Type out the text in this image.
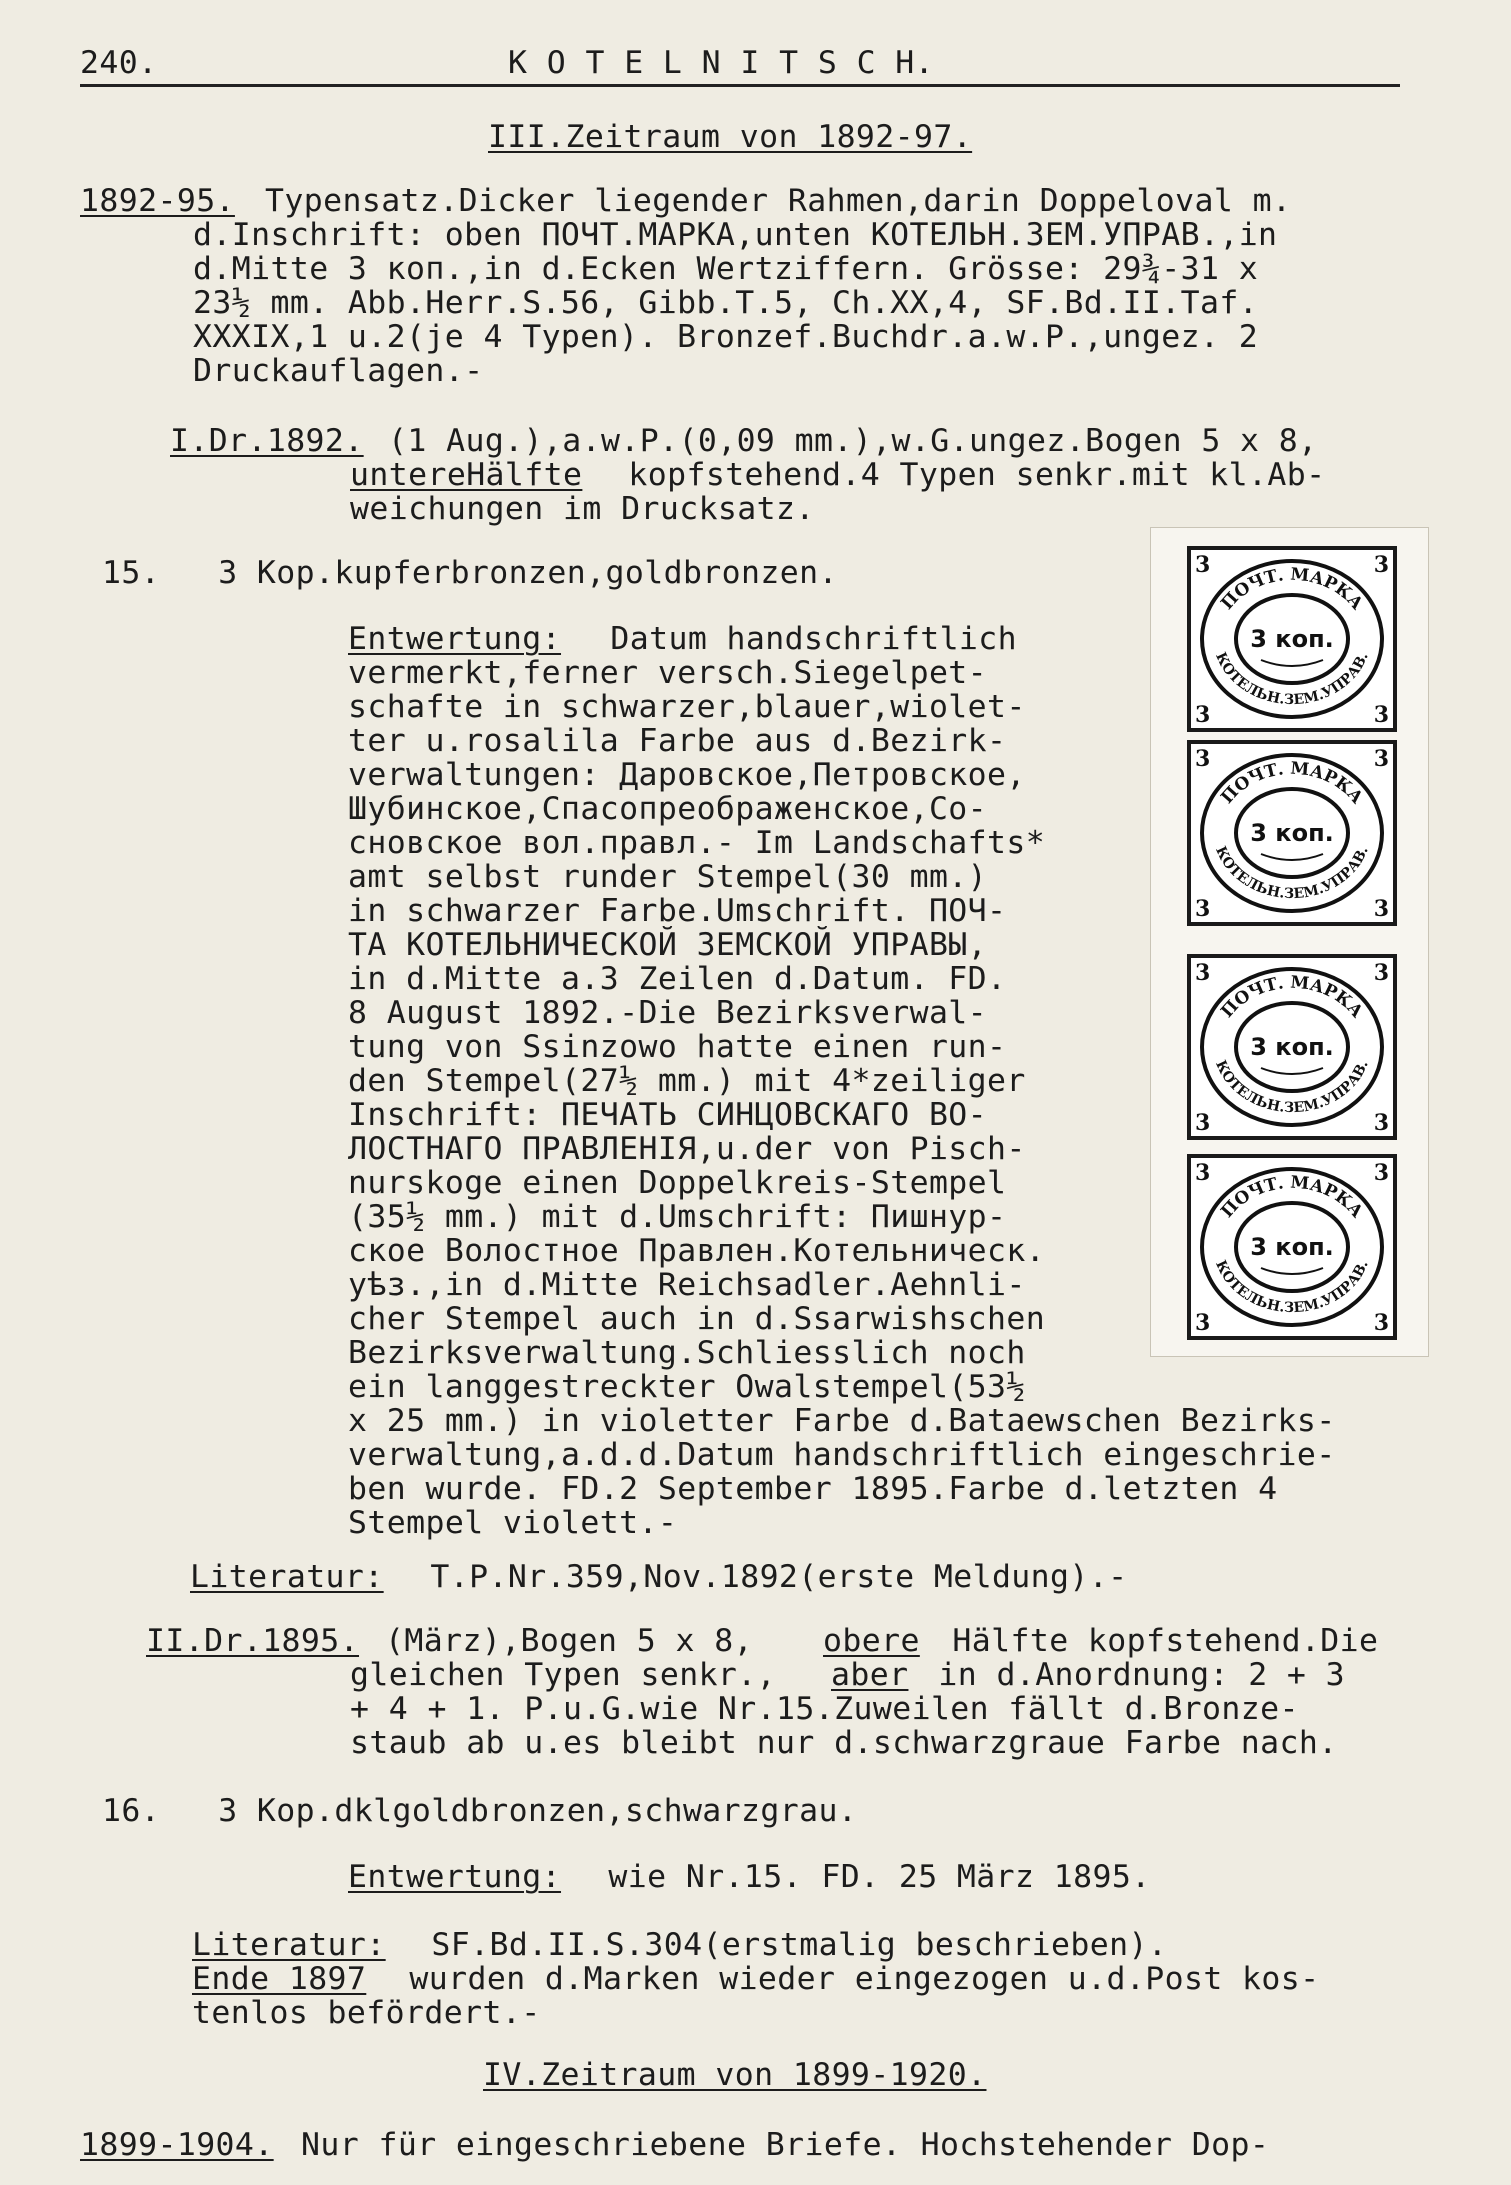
240.	K O T E L N I T S C H.
III.Zeitraum von 1892-97.
1892-95. Typensatz.Dicker liegender Rahmen,darin Doppeloval m.
d.Inschrift: oben ПОЧТ.МАРКА,unten КОТЕЛЬН.ЗЕМ.УПРАВ.,in
d.Mitte 3 коп.,in d.Ecken Wertziffern. Grösse: 29¾-31 x
23½ mm. Abb.Herr.S.56, Gibb.T.5, Ch.XX,4, SF.Bd.II.Taf.
XXXIX,1 u.2(je 4 Typen). Bronzef.Buchdr.a.w.P.,ungez. 2
Druckauflagen.-
I.Dr.1892. (1 Aug.),a.w.P.(0,09 mm.),w.G.ungez.Bogen 5 x 8,
untereHälfte kopfstehend.4 Typen senkr.mit kl.Ab-
weichungen im Drucksatz.
15.   3 Kop.kupferbronzen,goldbronzen.
Entwertung: Datum handschriftlich
vermerkt,ferner versch.Siegelpet-
schafte in schwarzer,blauer,wiolet-
ter u.rosalila Farbe aus d.Bezirk-
verwaltungen: Даровское,Петровское,
Шубинское,Спасопреображенское,Со-
сновское вол.правл.- Im Landschafts*
amt selbst runder Stempel(30 mm.)
in schwarzer Farbe.Umschrift. ПОЧ-
ТА КОТЕЛЬНИЧЕСКОЙ ЗЕМСКОЙ УПРАВЫ,
in d.Mitte a.3 Zeilen d.Datum. FD.
8 August 1892.-Die Bezirksverwal-
tung von Ssinzowo hatte einen run-
den Stempel(27½ mm.) mit 4*zeiliger
Inschrift: ПЕЧАТЬ СИНЦОВСКАГО ВО-
ЛОСТНАГО ПРАВЛЕНІЯ,u.der von Pisch-
nurskoge einen Doppelkreis-Stempel
(35½ mm.) mit d.Umschrift: Пишнур-
ское Волостное Правлен.Котельническ.
уѣз.,in d.Mitte Reichsadler.Aehnli-
cher Stempel auch in d.Ssarwishschen
Bezirksverwaltung.Schliesslich noch
ein langgestreckter Owalstempel(53½
x 25 mm.) in violetter Farbe d.Bataewschen Bezirks-
verwaltung,a.d.d.Datum handschriftlich eingeschrie-
ben wurde. FD.2 September 1895.Farbe d.letzten 4
Stempel violett.-
Literatur: T.P.Nr.359,Nov.1892(erste Meldung).-
II.Dr.1895. (März),Bogen 5 x 8, obere Hälfte kopfstehend.Die
gleichen Typen senkr., aber in d.Anordnung: 2 + 3
+ 4 + 1. P.u.G.wie Nr.15.Zuweilen fällt d.Bronze-
staub ab u.es bleibt nur d.schwarzgraue Farbe nach.
16.   3 Kop.dklgoldbronzen,schwarzgrau.
Entwertung: wie Nr.15. FD. 25 März 1895.
Literatur: SF.Bd.II.S.304(erstmalig beschrieben).
Ende 1897 wurden d.Marken wieder eingezogen u.d.Post kos-
tenlos befördert.-
IV.Zeitraum von 1899-1920.
1899-1904. Nur für eingeschriebene Briefe. Hochstehender Dop-
ПОЧТ. МАРКА
КОТЕЛЬН.ЗЕМ.УПРАВ.
3 коп.
3	3
3	3
ПОЧТ. МАРКА
КОТЕЛЬН.ЗЕМ.УПРАВ.
3 коп.
3	3
3	3
ПОЧТ. МАРКА
КОТЕЛЬН.ЗЕМ.УПРАВ.
3 коп.
3	3
3	3
ПОЧТ. МАРКА
КОТЕЛЬН.ЗЕМ.УПРАВ.
3 коп.
3	3
3	3
